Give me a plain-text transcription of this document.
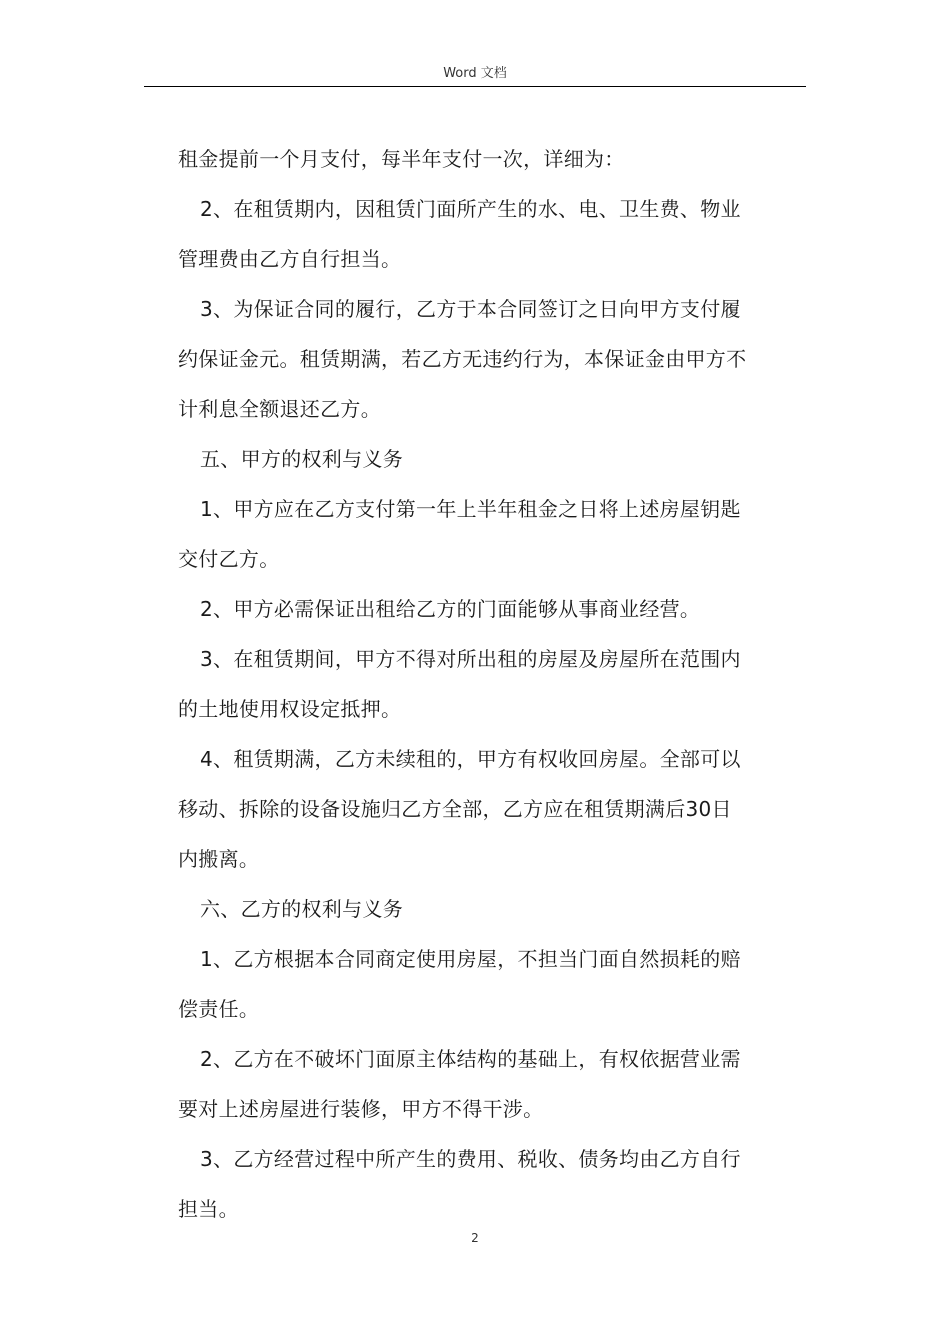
Word 文档
租金提前一个月支付，每半年支付一次，详细为：
2、在租赁期内，因租赁门面所产生的水、电、卫生费、物业
管理费由乙方自行担当。
3、为保证合同的履行，乙方于本合同签订之日向甲方支付履
约保证金元。租赁期满，若乙方无违约行为，本保证金由甲方不
计利息全额退还乙方。
五、甲方的权利与义务
1、甲方应在乙方支付第一年上半年租金之日将上述房屋钥匙
交付乙方。
2、甲方必需保证出租给乙方的门面能够从事商业经营。
3、在租赁期间，甲方不得对所出租的房屋及房屋所在范围内
的土地使用权设定抵押。
4、租赁期满，乙方未续租的，甲方有权收回房屋。全部可以
移动、拆除的设备设施归乙方全部，乙方应在租赁期满后30日
内搬离。
六、乙方的权利与义务
1、乙方根据本合同商定使用房屋，不担当门面自然损耗的赔
偿责任。
2、乙方在不破坏门面原主体结构的基础上，有权依据营业需
要对上述房屋进行装修，甲方不得干涉。
3、乙方经营过程中所产生的费用、税收、债务均由乙方自行
担当。
2
